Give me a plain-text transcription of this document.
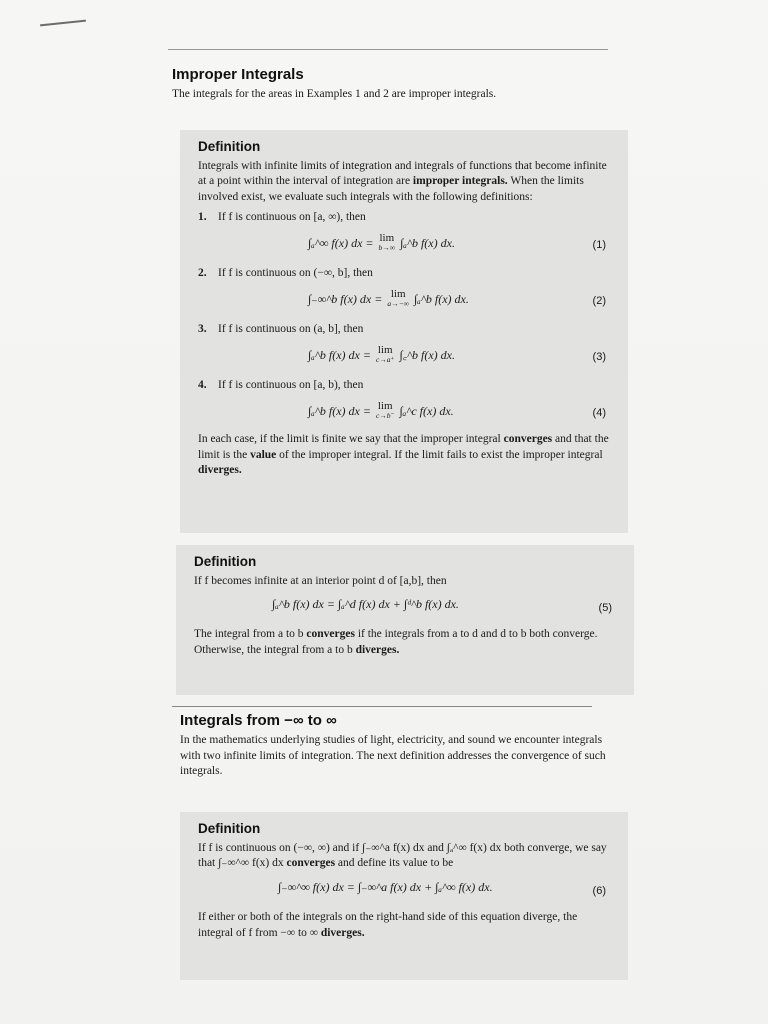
Improper Integrals

The integrals for the areas in Examples 1 and 2 are improper integrals.

Definition

Integrals with infinite limits of integration and integrals of functions that become infinite at a point within the interval of integration are improper integrals. When the limits involved exist, we evaluate such integrals with the following definitions:

1. If f is continuous on [a, ∞), then
∫ₐ^∞ f(x) dx = lim
b→∞ ∫ₐ^b f(x) dx.	(1)
2. If f is continuous on (−∞, b], then
∫₋∞^b f(x) dx = lim
a→−∞ ∫ₐ^b f(x) dx.	(2)
3. If f is continuous on (a, b], then
∫ₐ^b f(x) dx = lim
c→a⁺ ∫꜀^b f(x) dx.	(3)
4. If f is continuous on [a, b), then
∫ₐ^b f(x) dx = lim
c→b⁻ ∫ₐ^c f(x) dx.	(4)

In each case, if the limit is finite we say that the improper integral converges and that the limit is the value of the improper integral. If the limit fails to exist the improper integral diverges.

Definition

If f becomes infinite at an interior point d of [a,b], then

∫ₐ^b f(x) dx = ∫ₐ^d f(x) dx + ∫ᵈ^b f(x) dx.	(5)

The integral from a to b converges if the integrals from a to d and d to b both converge. Otherwise, the integral from a to b diverges.

Integrals from −∞ to ∞

In the mathematics underlying studies of light, electricity, and sound we encounter integrals with two infinite limits of integration. The next definition addresses the convergence of such integrals.

Definition

If f is continuous on (−∞, ∞) and if ∫₋∞^a f(x) dx and ∫ₐ^∞ f(x) dx both converge, we say that ∫₋∞^∞ f(x) dx converges and define its value to be

∫₋∞^∞ f(x) dx = ∫₋∞^a f(x) dx + ∫ₐ^∞ f(x) dx.	(6)

If either or both of the integrals on the right-hand side of this equation diverge, the integral of f from −∞ to ∞ diverges.
